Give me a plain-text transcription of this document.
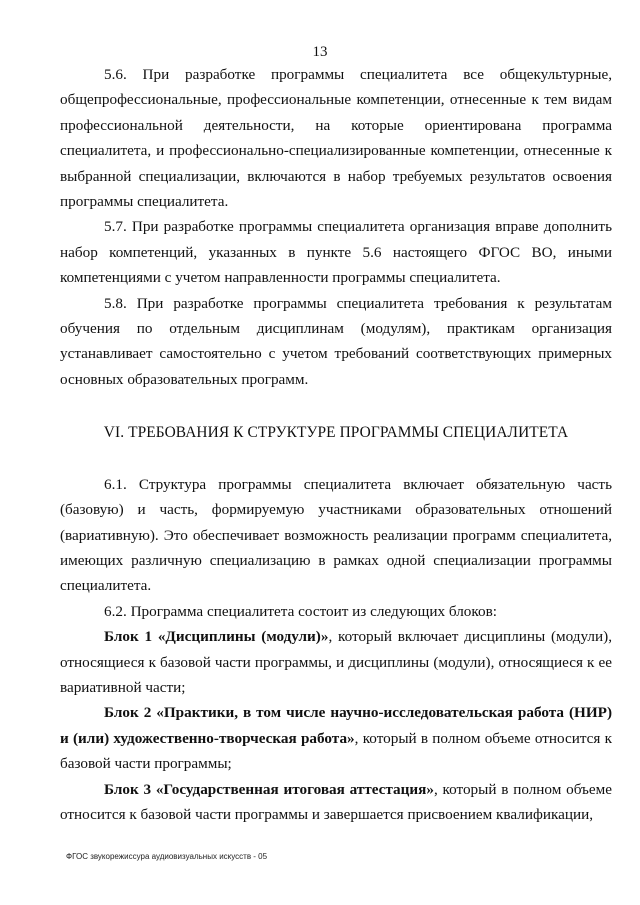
13

5.6. При разработке программы специалитета все общекультурные, общепрофессиональные, профессиональные компетенции, отнесенные к тем видам профессиональной деятельности, на которые ориентирована программа специалитета, и профессионально-специализированные компетенции, отнесенные к выбранной специализации, включаются в набор требуемых результатов освоения программы специалитета.

5.7. При разработке программы специалитета организация вправе дополнить набор компетенций, указанных в пункте 5.6 настоящего ФГОС ВО, иными компетенциями с учетом направленности программы специалитета.

5.8. При разработке программы специалитета требования к результатам обучения по отдельным дисциплинам (модулям), практикам организация устанавливает самостоятельно с учетом требований соответствующих примерных основных образовательных программ.

VI. ТРЕБОВАНИЯ К СТРУКТУРЕ ПРОГРАММЫ СПЕЦИАЛИТЕТА

6.1. Структура программы специалитета включает обязательную часть (базовую) и часть, формируемую участниками образовательных отношений (вариативную). Это обеспечивает возможность реализации программ специалитета, имеющих различную специализацию в рамках одной специализации программы специалитета.

6.2. Программа специалитета состоит из следующих блоков:

Блок 1 «Дисциплины (модули)», который включает дисциплины (модули), относящиеся к базовой части программы, и дисциплины (модули), относящиеся к ее вариативной части;

Блок 2 «Практики, в том числе научно-исследовательская работа (НИР) и (или) художественно-творческая работа», который в полном объеме относится к базовой части программы;

Блок 3 «Государственная итоговая аттестация», который в полном объеме относится к базовой части программы и завершается присвоением квалификации,

ФГОС звукорежиссура аудиовизуальных искусств - 05
